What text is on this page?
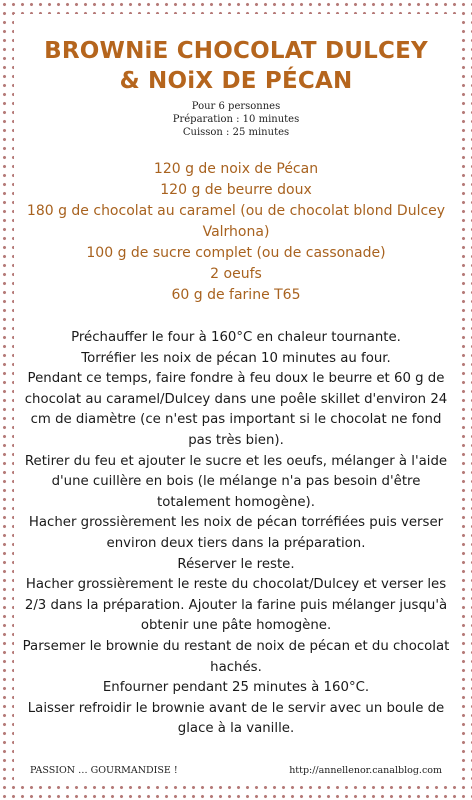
BROWNiE CHOCOLAT DULCEY
& NOiX DE PÉCAN
Pour 6 personnes
Préparation : 10 minutes
Cuisson : 25 minutes
120 g de noix de Pécan
120 g de beurre doux
180 g de chocolat au caramel (ou de chocolat blond Dulcey Valrhona)
100 g de sucre complet (ou de cassonade)
2 oeufs
60 g de farine T65
Préchauffer le four à 160°C en chaleur tournante.
Torréfier les noix de pécan 10 minutes au four.
Pendant ce temps, faire fondre à feu doux le beurre et 60 g de chocolat au caramel/Dulcey dans une poêle skillet d'environ 24 cm de diamètre (ce n'est pas important si le chocolat ne fond pas très bien).
Retirer du feu et ajouter le sucre et les oeufs, mélanger à l'aide d'une cuillère en bois (le mélange n'a pas besoin d'être totalement homogène).
Hacher grossièrement les noix de pécan torréfiées puis verser environ deux tiers dans la préparation.
Réserver le reste.
Hacher grossièrement le reste du chocolat/Dulcey et verser les 2/3 dans la préparation. Ajouter la farine puis mélanger jusqu'à obtenir une pâte homogène.
Parsemer le brownie du restant de noix de pécan et du chocolat hachés.
Enfourner pendant 25 minutes à 160°C.
Laisser refroidir le brownie avant de le servir avec un boule de glace à la vanille.
PASSION … GOURMANDISE !	http://annellenor.canalblog.com
